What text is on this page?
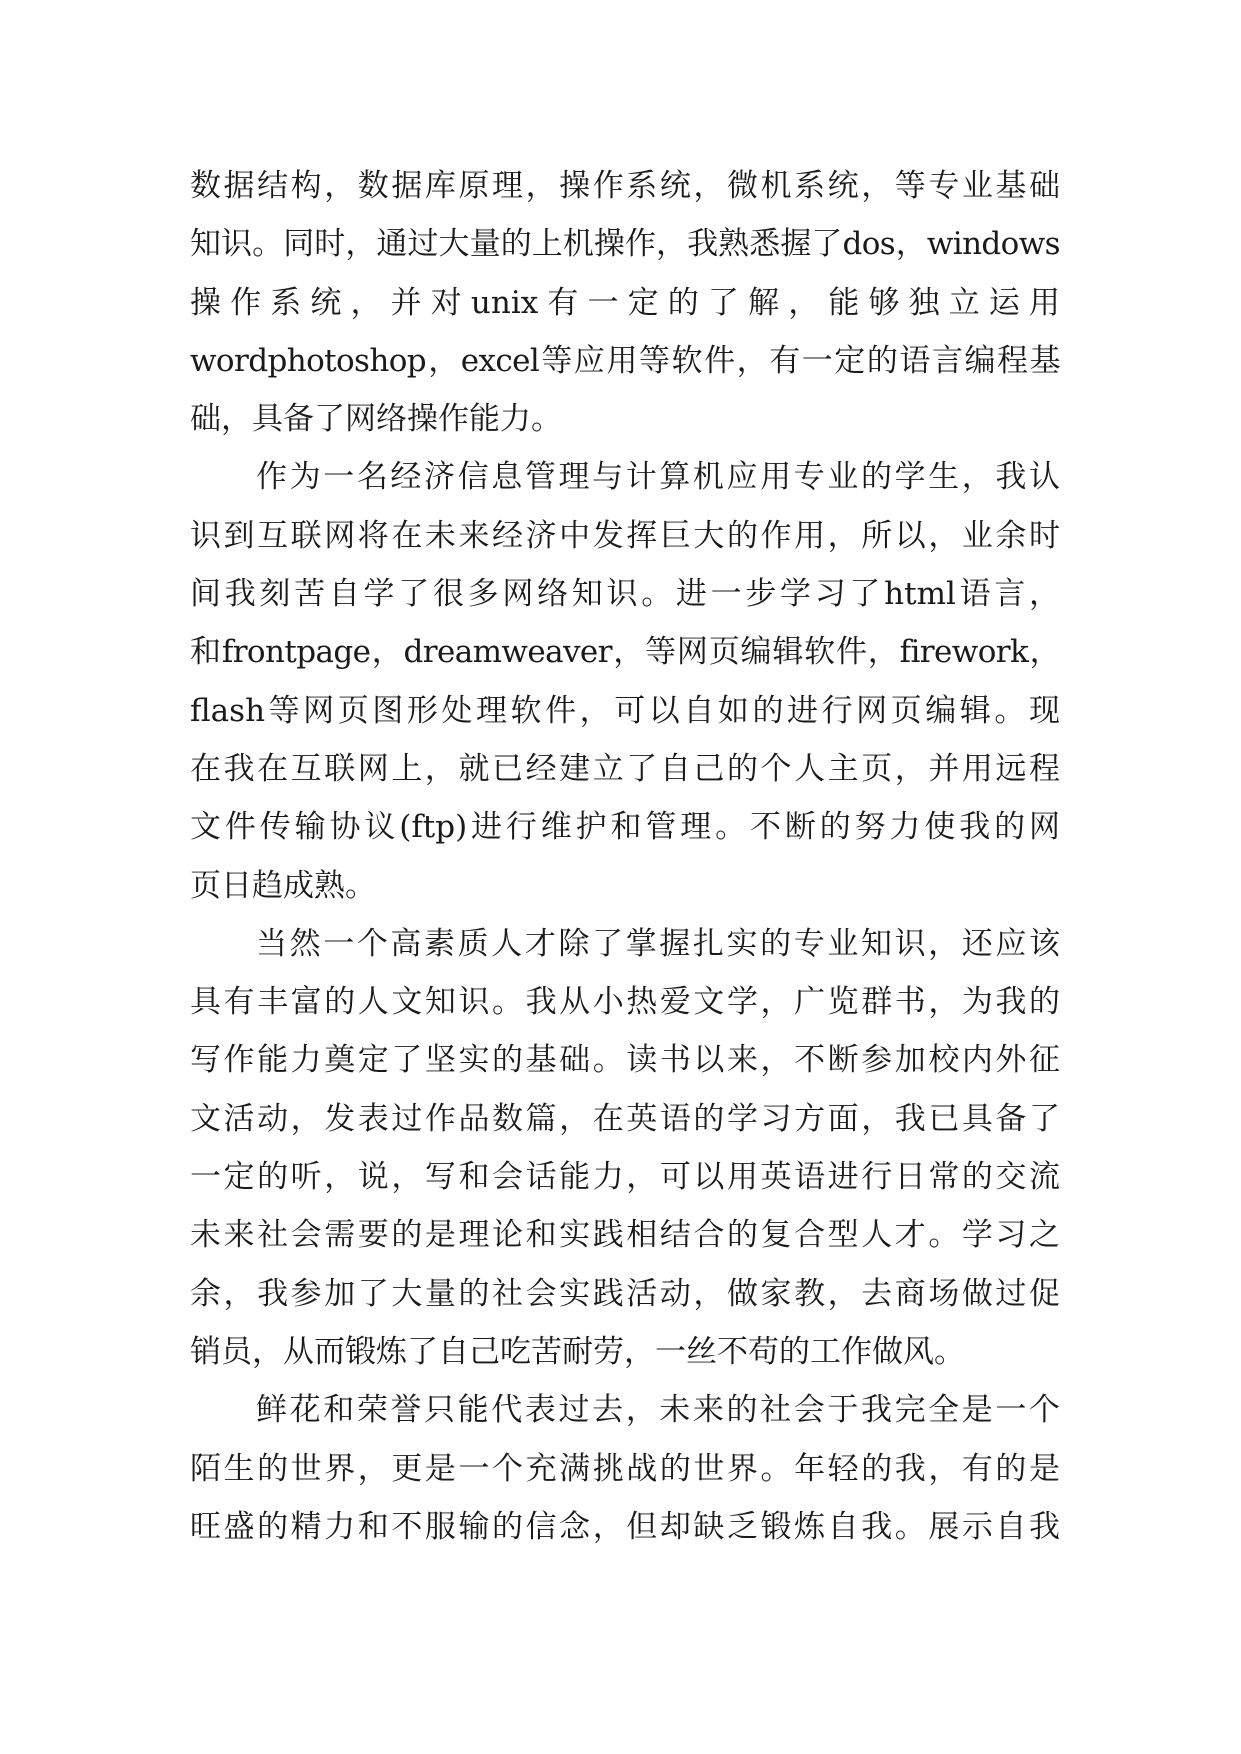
数据结构，数据库原理，操作系统，微机系统，等专业基础
知识。同时，通过大量的上机操作，我熟悉握了dos，windows
操作系统，并对unix有一定的了解，能够独立运用
wordphotoshop，excel等应用等软件，有一定的语言编程基
础，具备了网络操作能力。
作为一名经济信息管理与计算机应用专业的学生，我认
识到互联网将在未来经济中发挥巨大的作用，所以，业余时
间我刻苦自学了很多网络知识。进一步学习了html语言，
和frontpage，dreamweaver，等网页编辑软件，firework，
flash等网页图形处理软件，可以自如的进行网页编辑。现
在我在互联网上，就已经建立了自己的个人主页，并用远程
文件传输协议(ftp)进行维护和管理。不断的努力使我的网
页日趋成熟。
当然一个高素质人才除了掌握扎实的专业知识，还应该
具有丰富的人文知识。我从小热爱文学，广览群书，为我的
写作能力奠定了坚实的基础。读书以来，不断参加校内外征
文活动，发表过作品数篇，在英语的学习方面，我已具备了
一定的听，说，写和会话能力，可以用英语进行日常的交流
未来社会需要的是理论和实践相结合的复合型人才。学习之
余，我参加了大量的社会实践活动，做家教，去商场做过促
销员，从而锻炼了自己吃苦耐劳，一丝不苟的工作做风。
鲜花和荣誉只能代表过去，未来的社会于我完全是一个
陌生的世界，更是一个充满挑战的世界。年轻的我，有的是
旺盛的精力和不服输的信念，但却缺乏锻炼自我。展示自我
